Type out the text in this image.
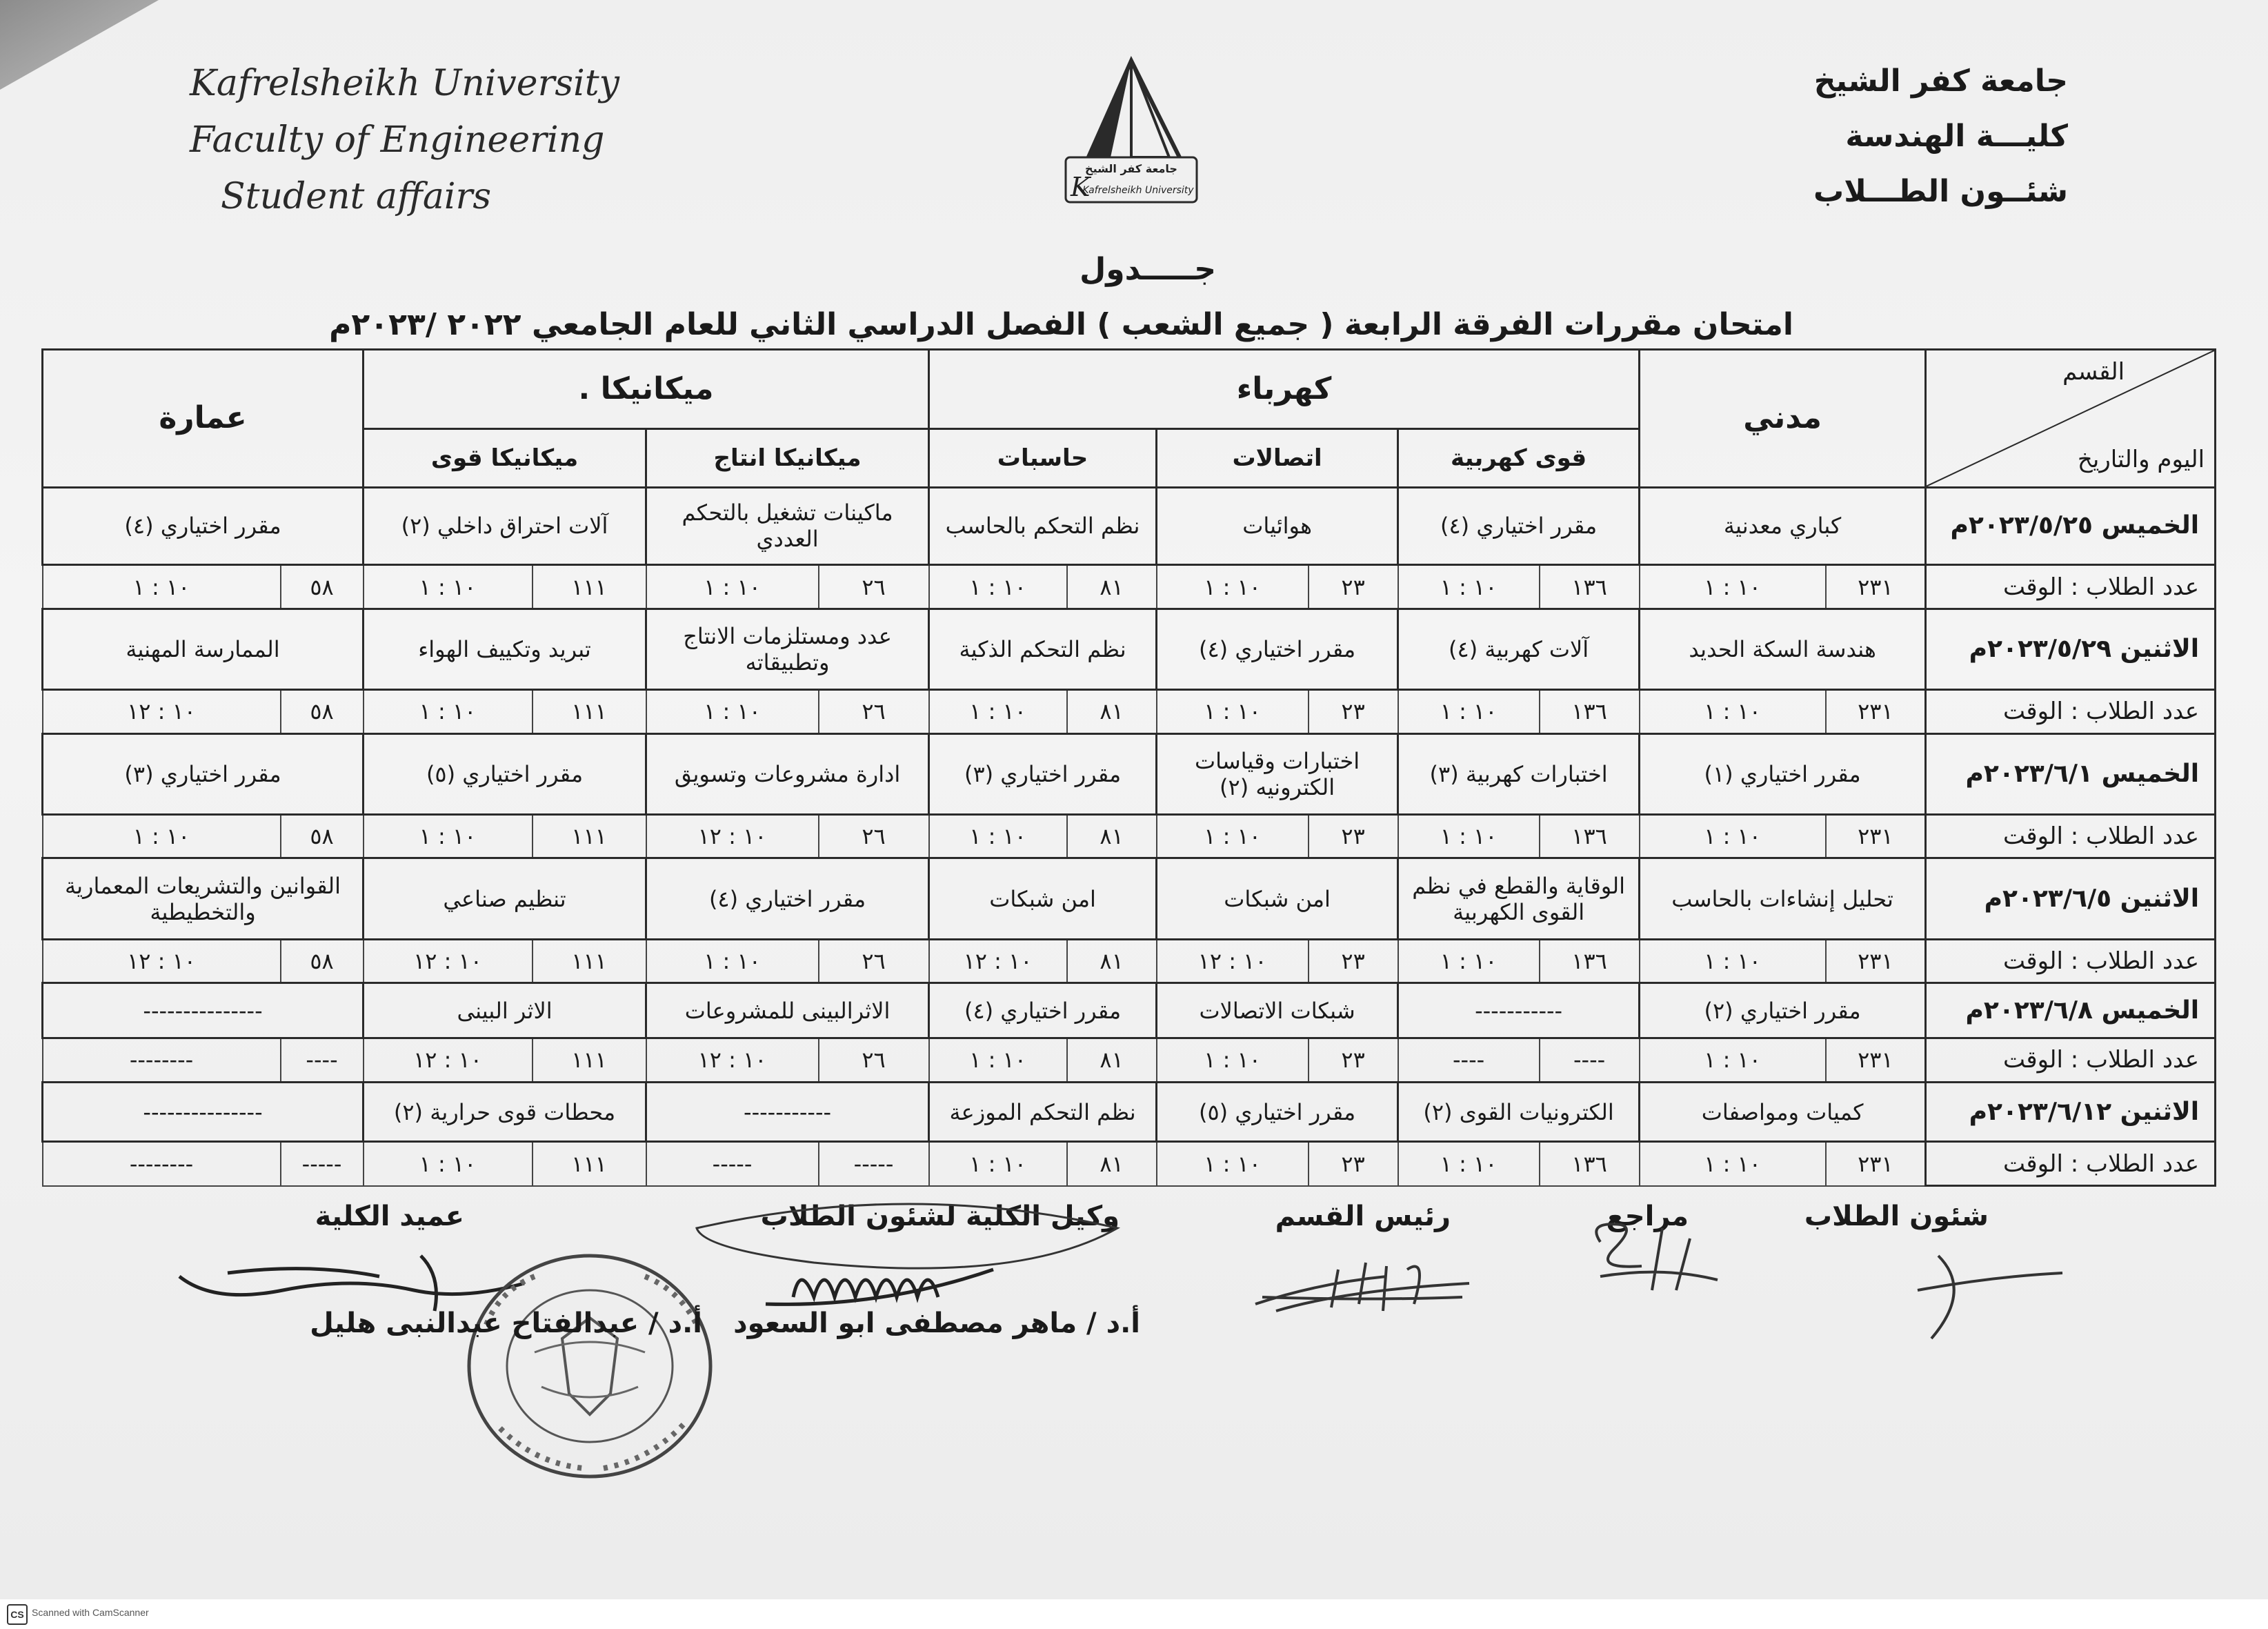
Kafrelsheikh University
Faculty of Engineering
Student affairs
جامعة كفر الشيخ
K
Kafrelsheikh University
جامعة كفر الشيخ
كليـــة الهندسة
شئــون الطـــلاب
جـــــدول
امتحان مقررات الفرقة الرابعة ( جميع الشعب ) الفصل الدراسي الثاني للعام الجامعي ٢٠٢٢ /٢٠٢٣م
القسم
اليوم والتاريخ	مدني		كهرباء						ميكانيكا .				عمارة	
			قوى كهربية		اتصالات		حاسبات		ميكانيكا انتاج		ميكانيكا قوى			
الخميس ٢٠٢٣/٥/٢٥م	كباري معدنية		مقرر اختياري (٤)		هوائيات		نظم التحكم بالحاسب		ماكينات تشغيل بالتحكم العددي		آلات احتراق داخلي (٢)		مقرر اختياري (٤)	
عدد الطلاب : الوقت	٢٣١	١٠ : ١	١٣٦	١٠ : ١	٢٣	١٠ : ١	٨١	١٠ : ١	٢٦	١٠ : ١	١١١	١٠ : ١	٥٨	١٠ : ١
الاثنين ٢٠٢٣/٥/٢٩م	هندسة السكة الحديد		آلات كهربية (٤)		مقرر اختياري (٤)		نظم التحكم الذكية		عدد ومستلزمات الانتاج وتطبيقاته		تبريد وتكييف الهواء		الممارسة المهنية	
عدد الطلاب : الوقت	٢٣١	١٠ : ١	١٣٦	١٠ : ١	٢٣	١٠ : ١	٨١	١٠ : ١	٢٦	١٠ : ١	١١١	١٠ : ١	٥٨	١٠ : ١٢
الخميس ٢٠٢٣/٦/١م	مقرر اختياري (١)		اختبارات كهربية (٣)		اختبارات وقياسات الكترونيه (٢)		مقرر اختياري (٣)		ادارة مشروعات وتسويق		مقرر اختياري (٥)		مقرر اختياري (٣)	
عدد الطلاب : الوقت	٢٣١	١٠ : ١	١٣٦	١٠ : ١	٢٣	١٠ : ١	٨١	١٠ : ١	٢٦	١٠ : ١٢	١١١	١٠ : ١	٥٨	١٠ : ١
الاثنين ٢٠٢٣/٦/٥م	تحليل إنشاءات بالحاسب		الوقاية والقطع في نظم القوى الكهربية		امن شبكات		امن شبكات		مقرر اختياري (٤)		تنظيم صناعي		القوانين والتشريعات المعمارية والتخطيطية	
عدد الطلاب : الوقت	٢٣١	١٠ : ١	١٣٦	١٠ : ١	٢٣	١٠ : ١٢	٨١	١٠ : ١٢	٢٦	١٠ : ١	١١١	١٠ : ١٢	٥٨	١٠ : ١٢
الخميس ٢٠٢٣/٦/٨م	مقرر اختياري (٢)		-----------		شبكات الاتصالات		مقرر اختياري (٤)		الاثرالبينى للمشروعات		الاثر البينى		---------------	
عدد الطلاب : الوقت	٢٣١	١٠ : ١	----	----	٢٣	١٠ : ١	٨١	١٠ : ١	٢٦	١٠ : ١٢	١١١	١٠ : ١٢	----	--------
الاثنين ٢٠٢٣/٦/١٢م	كميات ومواصفات		الكترونيات القوى (٢)		مقرر اختياري (٥)		نظم التحكم الموزعة		-----------		محطات قوى حرارية (٢)		---------------	
عدد الطلاب : الوقت	٢٣١	١٠ : ١	١٣٦	١٠ : ١	٢٣	١٠ : ١	٨١	١٠ : ١	-----	-----	١١١	١٠ : ١	-----	--------
شئون الطلاب
مراجع
رئيس القسم
وكيل الكلية لشئون الطلاب
عميد الكلية
أ.د / ماهر مصطفى ابو السعود
أ.د / عبدالفتاح عبدالنبى هليل
CS Scanned with CamScanner
